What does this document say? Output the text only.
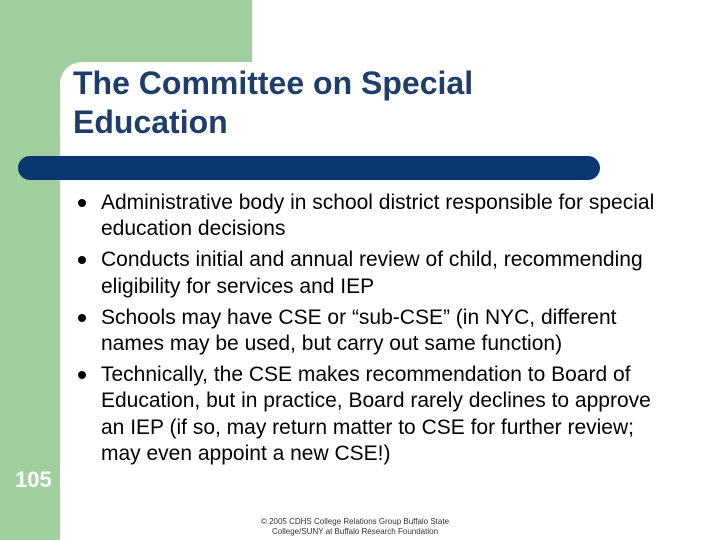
The Committee on Special Education
Administrative body in school district responsible for special education decisions
Conducts initial and annual review of child, recommending eligibility for services and IEP
Schools may have CSE or “sub-CSE” (in NYC, different names may be used, but carry out same function)
Technically, the CSE makes recommendation to Board of Education, but in practice, Board rarely declines to approve an IEP (if so, may return matter to CSE for further review; may even appoint a new CSE!)
105
© 2005 CDHS College Relations Group Buffalo State
College/SUNY at Buffalo Research Foundation
